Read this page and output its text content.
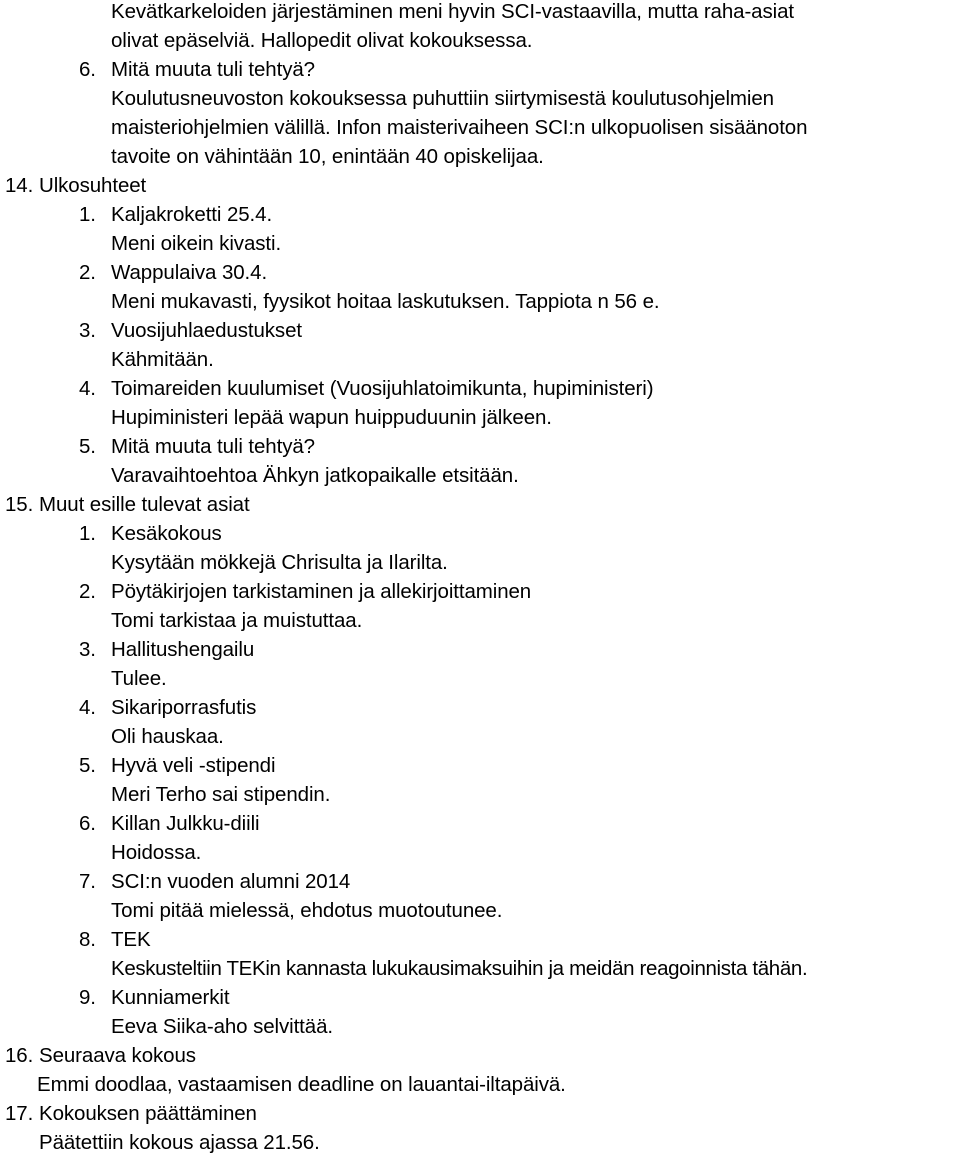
Kevätkarkeloiden järjestäminen meni hyvin SCI-vastaavilla, mutta raha-asiat
olivat epäselviä. Hallopedit olivat kokouksessa.
6. Mitä muuta tuli tehtyä?
Koulutusneuvoston kokouksessa puhuttiin siirtymisestä koulutusohjelmien
maisteriohjelmien välillä. Infon maisterivaiheen SCI:n ulkopuolisen sisäänoton
tavoite on vähintään 10, enintään 40 opiskelijaa.
14. Ulkosuhteet
1. Kaljakroketti 25.4.
Meni oikein kivasti.
2. Wappulaiva 30.4.
Meni mukavasti, fyysikot hoitaa laskutuksen. Tappiota n 56 e.
3. Vuosijuhlaedustukset
Kähmitään.
4. Toimareiden kuulumiset (Vuosijuhlatoimikunta, hupiministeri)
Hupiministeri lepää wapun huippuduunin jälkeen.
5. Mitä muuta tuli tehtyä?
Varavaihtoehtoa Ähkyn jatkopaikalle etsitään.
15. Muut esille tulevat asiat
1. Kesäkokous
Kysytään mökkejä Chrisulta ja Ilarilta.
2. Pöytäkirjojen tarkistaminen ja allekirjoittaminen
Tomi tarkistaa ja muistuttaa.
3. Hallitushengailu
Tulee.
4. Sikariporrasfutis
Oli hauskaa.
5. Hyvä veli -stipendi
Meri Terho sai stipendin.
6. Killan Julkku-diili
Hoidossa.
7. SCI:n vuoden alumni 2014
Tomi pitää mielessä, ehdotus muotoutunee.
8. TEK
Keskusteltiin TEKin kannasta lukukausimaksuihin ja meidän reagoinnista tähän.
9. Kunniamerkit
Eeva Siika-aho selvittää.
16. Seuraava kokous
Emmi doodlaa, vastaamisen deadline on lauantai-iltapäivä.
17. Kokouksen päättäminen
Päätettiin kokous ajassa 21.56.
